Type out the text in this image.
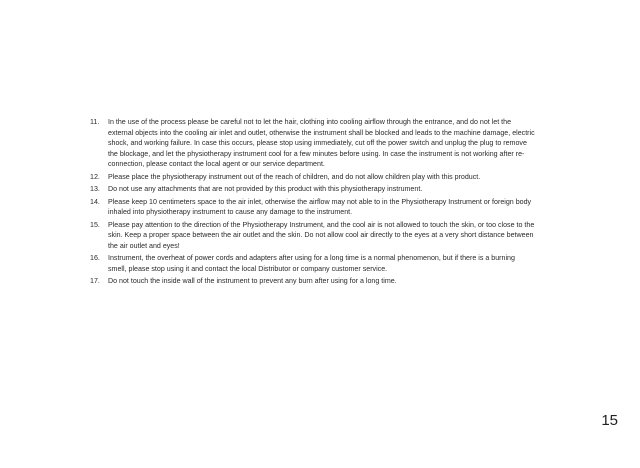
11. In the use of the process please be careful not to let the hair, clothing into cooling airflow through the entrance, and do not let the external objects into the cooling air inlet and outlet, otherwise the instrument shall be blocked and leads to the machine damage, electric shock, and working failure. In case this occurs, please stop using immediately, cut off the power switch and unplug the plug to remove the blockage, and let the physiotherapy instrument cool for a few minutes before using. In case the instrument is not working after re-connection, please contact the local agent or our service department.
12. Please place the physiotherapy instrument out of the reach of children, and do not allow children play with this product.
13. Do not use any attachments that are not provided by this product with this physiotherapy instrument.
14. Please keep 10 centimeters space to the air inlet, otherwise the airflow may not able to in the Physiotherapy Instrument or foreign body inhaled into physiotherapy instrument to cause any damage to the instrument.
15. Please pay attention to the direction of the Physiotherapy Instrument, and the cool air is not allowed to touch the skin, or too close to the skin. Keep a proper space between the air outlet and the skin. Do not allow cool air directly to the eyes at a very short distance between the air outlet and eyes!
16. Instrument, the overheat of power cords and adapters after using for a long time is a normal phenomenon, but if there is a burning smell, please stop using it and contact the local Distributor or company customer service.
17. Do not touch the inside wall of the instrument to prevent any burn after using for a long time.
15
